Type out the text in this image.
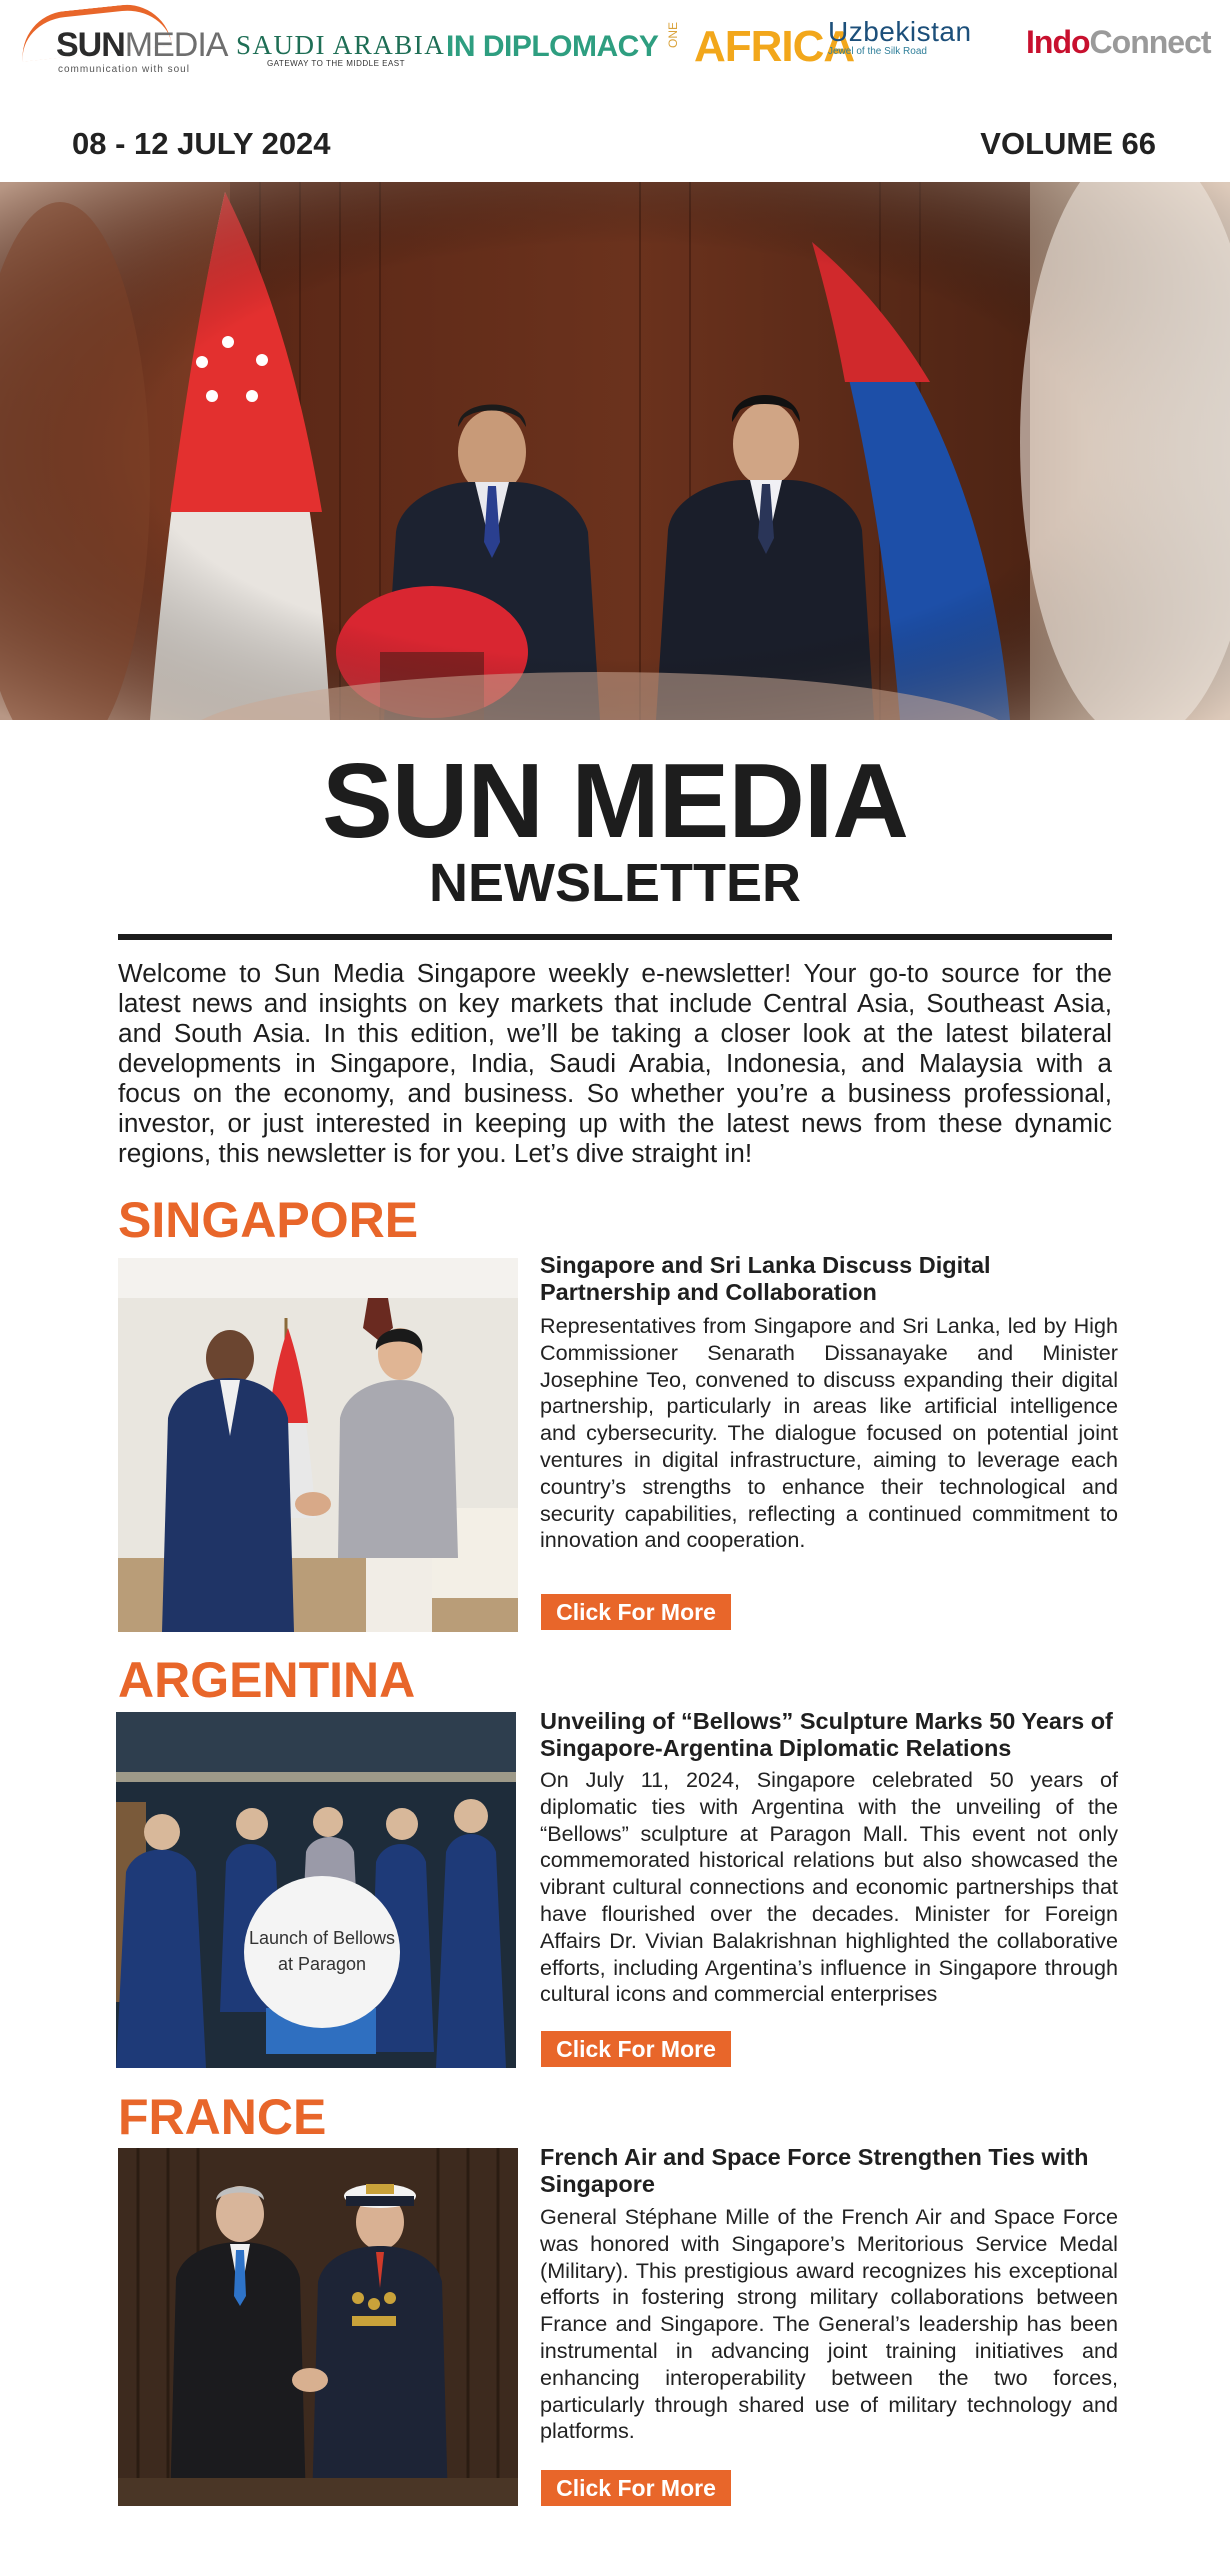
SUNMEDIA
communication with soul
SAUDI ARABIA
GATEWAY TO THE MIDDLE EAST
IN DIPLOMACY ONE AFRICA
Uzbekistan
Jewel of the Silk Road	IndoConnect
08 - 12 JULY 2024	VOLUME 66
SUN MEDIA
NEWSLETTER
Welcome to Sun Media Singapore weekly e-newsletter! Your go-to source for the latest news and insights on key markets that include Central Asia, Southeast Asia, and South Asia. In this edition, we’ll be taking a closer look at the latest bilateral developments in Singapore, India, Saudi Arabia, Indonesia, and Malaysia with a focus on the economy, and business. So whether you’re a business professional, investor, or just interested in keeping up with the latest news from these dynamic regions, this newsletter is for you. Let’s dive straight in!
SINGAPORE
Singapore and Sri Lanka Discuss Digital Partnership and Collaboration
Representatives from Singapore and Sri Lanka, led by High Commissioner Senarath Dissanayake and Minister Josephine Teo, convened to discuss expanding their digital partnership, particularly in areas like artificial intelligence and cybersecurity. The dialogue focused on potential joint ventures in digital infrastructure, aiming to leverage each country’s strengths to enhance their technological and security capabilities, reflecting a continued commitment to innovation and cooperation.
Click For More
ARGENTINA
Launch of Bellows
at Paragon
Unveiling of “Bellows” Sculpture Marks 50 Years of Singapore-Argentina Diplomatic Relations
On July 11, 2024, Singapore celebrated 50 years of diplomatic ties with Argentina with the unveiling of the “Bellows” sculpture at Paragon Mall. This event not only commemorated historical relations but also showcased the vibrant cultural connections and economic partnerships that have flourished over the decades. Minister for Foreign Affairs Dr. Vivian Balakrishnan highlighted the collaborative efforts, including Argentina’s influence in Singapore through cultural icons and commercial enterprises
Click For More
FRANCE
French Air and Space Force Strengthen Ties with Singapore
General Stéphane Mille of the French Air and Space Force was honored with Singapore’s Meritorious Service Medal (Military). This prestigious award recognizes his exceptional efforts in fostering strong military collaborations between France and Singapore. The General’s leadership has been instrumental in advancing joint training initiatives and enhancing interoperability between the two forces, particularly through shared use of military technology and platforms.
Click For More
